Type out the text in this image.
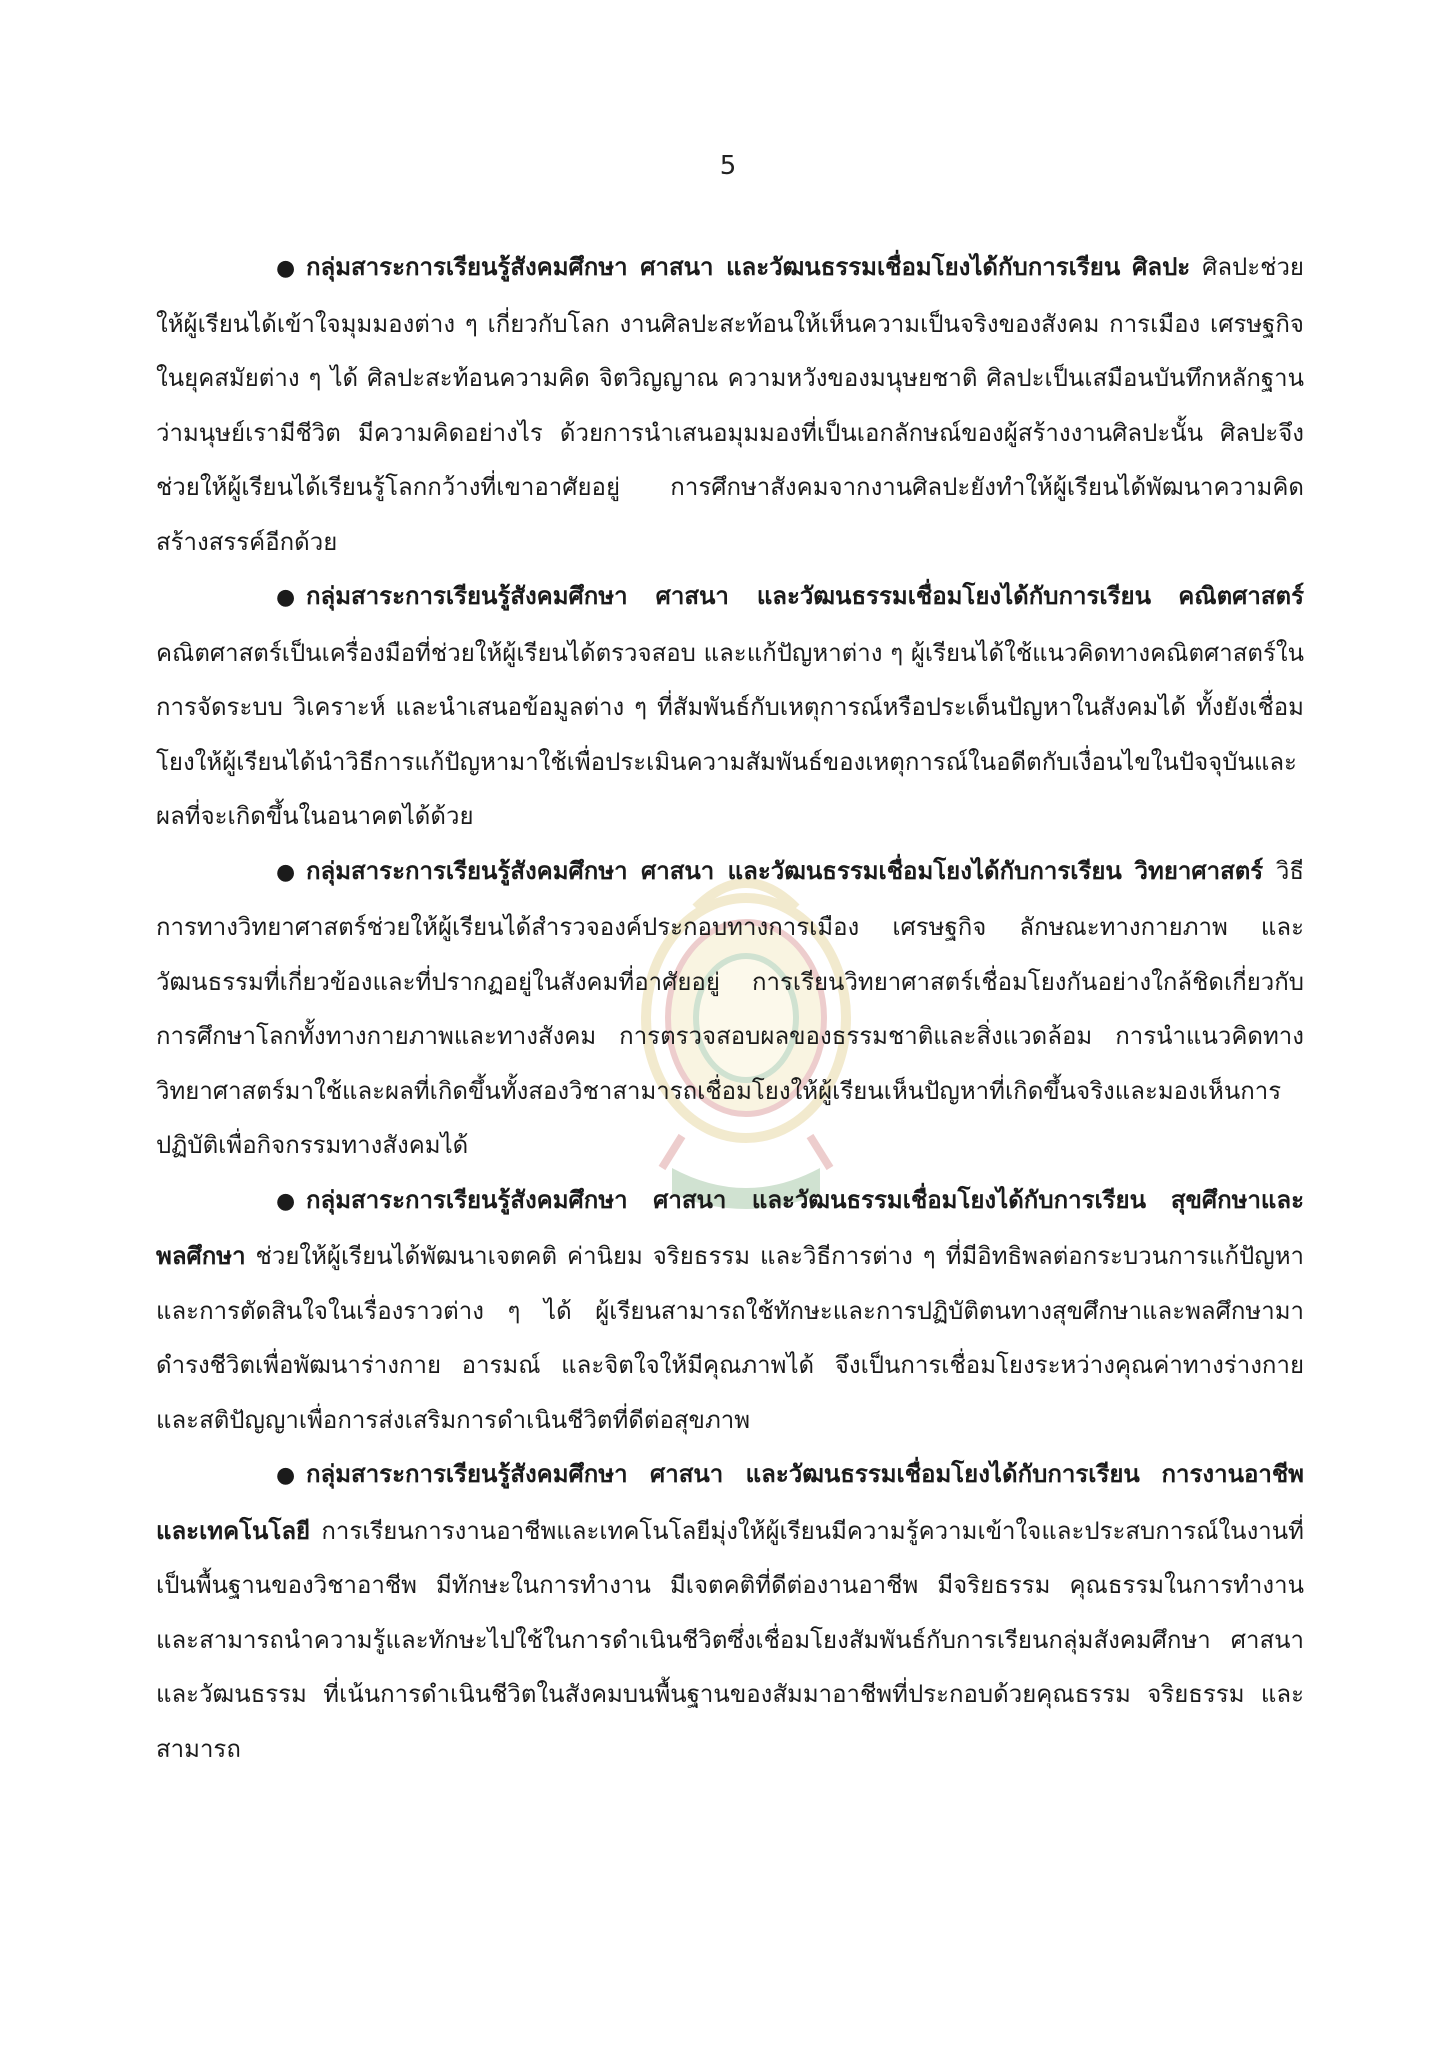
5

● กลุ่มสาระการเรียนรู้สังคมศึกษา ศาสนา และวัฒนธรรมเชื่อมโยงได้กับการเรียน ศิลปะ ศิลปะช่วยให้ผู้เรียนได้เข้าใจมุมมองต่าง ๆ เกี่ยวกับโลก งานศิลปะสะท้อนให้เห็นความเป็นจริงของสังคม การเมือง เศรษฐกิจ ในยุคสมัยต่าง ๆ ได้ ศิลปะสะท้อนความคิด จิตวิญญาณ ความหวังของมนุษยชาติ ศิลปะเป็นเสมือนบันทึกหลักฐานว่ามนุษย์เรามีชีวิต มีความคิดอย่างไร ด้วยการนำเสนอมุมมองที่เป็นเอกลักษณ์ของผู้สร้างงานศิลปะนั้น ศิลปะจึงช่วยให้ผู้เรียนได้เรียนรู้โลกกว้างที่เขาอาศัยอยู่ การศึกษาสังคมจากงานศิลปะยังทำให้ผู้เรียนได้พัฒนาความคิดสร้างสรรค์อีกด้วย

● กลุ่มสาระการเรียนรู้สังคมศึกษา ศาสนา และวัฒนธรรมเชื่อมโยงได้กับการเรียน คณิตศาสตร์ คณิตศาสตร์เป็นเครื่องมือที่ช่วยให้ผู้เรียนได้ตรวจสอบ และแก้ปัญหาต่าง ๆ ผู้เรียนได้ใช้แนวคิดทางคณิตศาสตร์ในการจัดระบบ วิเคราะห์ และนำเสนอข้อมูลต่าง ๆ ที่สัมพันธ์กับเหตุการณ์หรือประเด็นปัญหาในสังคมได้ ทั้งยังเชื่อมโยงให้ผู้เรียนได้นำวิธีการแก้ปัญหามาใช้เพื่อประเมินความสัมพันธ์ของเหตุการณ์ในอดีตกับเงื่อนไขในปัจจุบันและผลที่จะเกิดขึ้นในอนาคตได้ด้วย

● กลุ่มสาระการเรียนรู้สังคมศึกษา ศาสนา และวัฒนธรรมเชื่อมโยงได้กับการเรียน วิทยาศาสตร์ วิธีการทางวิทยาศาสตร์ช่วยให้ผู้เรียนได้สำรวจองค์ประกอบทางการเมือง เศรษฐกิจ ลักษณะทางกายภาพ และวัฒนธรรมที่เกี่ยวข้องและที่ปรากฏอยู่ในสังคมที่อาศัยอยู่ การเรียนวิทยาศาสตร์เชื่อมโยงกันอย่างใกล้ชิดเกี่ยวกับการศึกษาโลกทั้งทางกายภาพและทางสังคม การตรวจสอบผลของธรรมชาติและสิ่งแวดล้อม การนำแนวคิดทางวิทยาศาสตร์มาใช้และผลที่เกิดขึ้นทั้งสองวิชาสามารถเชื่อมโยงให้ผู้เรียนเห็นปัญหาที่เกิดขึ้นจริงและมองเห็นการปฏิบัติเพื่อกิจกรรมทางสังคมได้

● กลุ่มสาระการเรียนรู้สังคมศึกษา ศาสนา และวัฒนธรรมเชื่อมโยงได้กับการเรียน สุขศึกษาและพลศึกษา ช่วยให้ผู้เรียนได้พัฒนาเจตคติ ค่านิยม จริยธรรม และวิธีการต่าง ๆ ที่มีอิทธิพลต่อกระบวนการแก้ปัญหา และการตัดสินใจในเรื่องราวต่าง ๆ ได้ ผู้เรียนสามารถใช้ทักษะและการปฏิบัติตนทางสุขศึกษาและพลศึกษามาดำรงชีวิตเพื่อพัฒนาร่างกาย อารมณ์ และจิตใจให้มีคุณภาพได้ จึงเป็นการเชื่อมโยงระหว่างคุณค่าทางร่างกายและสติปัญญาเพื่อการส่งเสริมการดำเนินชีวิตที่ดีต่อสุขภาพ

● กลุ่มสาระการเรียนรู้สังคมศึกษา ศาสนา และวัฒนธรรมเชื่อมโยงได้กับการเรียน การงานอาชีพและเทคโนโลยี การเรียนการงานอาชีพและเทคโนโลยีมุ่งให้ผู้เรียนมีความรู้ความเข้าใจและประสบการณ์ในงานที่เป็นพื้นฐานของวิชาอาชีพ มีทักษะในการทำงาน มีเจตคติที่ดีต่องานอาชีพ มีจริยธรรม คุณธรรมในการทำงาน และสามารถนำความรู้และทักษะไปใช้ในการดำเนินชีวิตซึ่งเชื่อมโยงสัมพันธ์กับการเรียนกลุ่มสังคมศึกษา ศาสนา และวัฒนธรรม ที่เน้นการดำเนินชีวิตในสังคมบนพื้นฐานของสัมมาอาชีพที่ประกอบด้วยคุณธรรม จริยธรรม และสามารถ
